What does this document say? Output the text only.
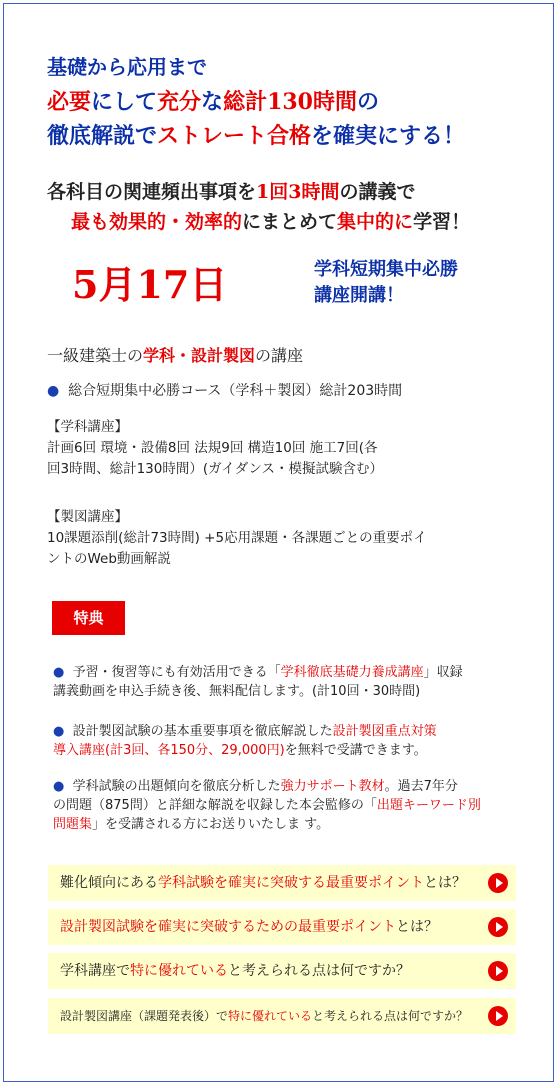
基礎から応用まで
必要にして充分な総計130時間の
徹底解説でストレート合格を確実にする！
各科目の関連頻出事項を1回3時間の講義で
最も効果的・効率的にまとめて集中的に学習！
5月17日	学科短期集中必勝
講座開講！
一級建築士の学科・設計製図の講座
● 総合短期集中必勝コース（学科＋製図）総計203時間
【学科講座】
計画6回 環境・設備8回 法規9回 構造10回 施工7回(各
回3時間、総計130時間）(ガイダンス・模擬試験含む）
【製図講座】
10課題添削(総計73時間) +5応用課題・各課題ごとの重要ポイ
ントのWeb動画解説
特典
● 予習・復習等にも有効活用できる「学科徹底基礎力養成講座」収録
講義動画を申込手続き後、無料配信します。(計10回・30時間)
● 設計製図試験の基本重要事項を徹底解説した設計製図重点対策
導入講座(計3回、各150分、29,000円)を無料で受講できます。
● 学科試験の出題傾向を徹底分析した強力サポート教材。過去7年分
の問題（875問）と詳細な解説を収録した本会監修の「出題キーワード別
問題集」を受講される方にお送りいたしま す。
難化傾向にある学科試験を確実に突破する最重要ポイントとは？
設計製図試験を確実に突破するための最重要ポイントとは？
学科講座で特に優れていると考えられる点は何ですか？
設計製図講座（課題発表後）で特に優れていると考えられる点は何ですか？
